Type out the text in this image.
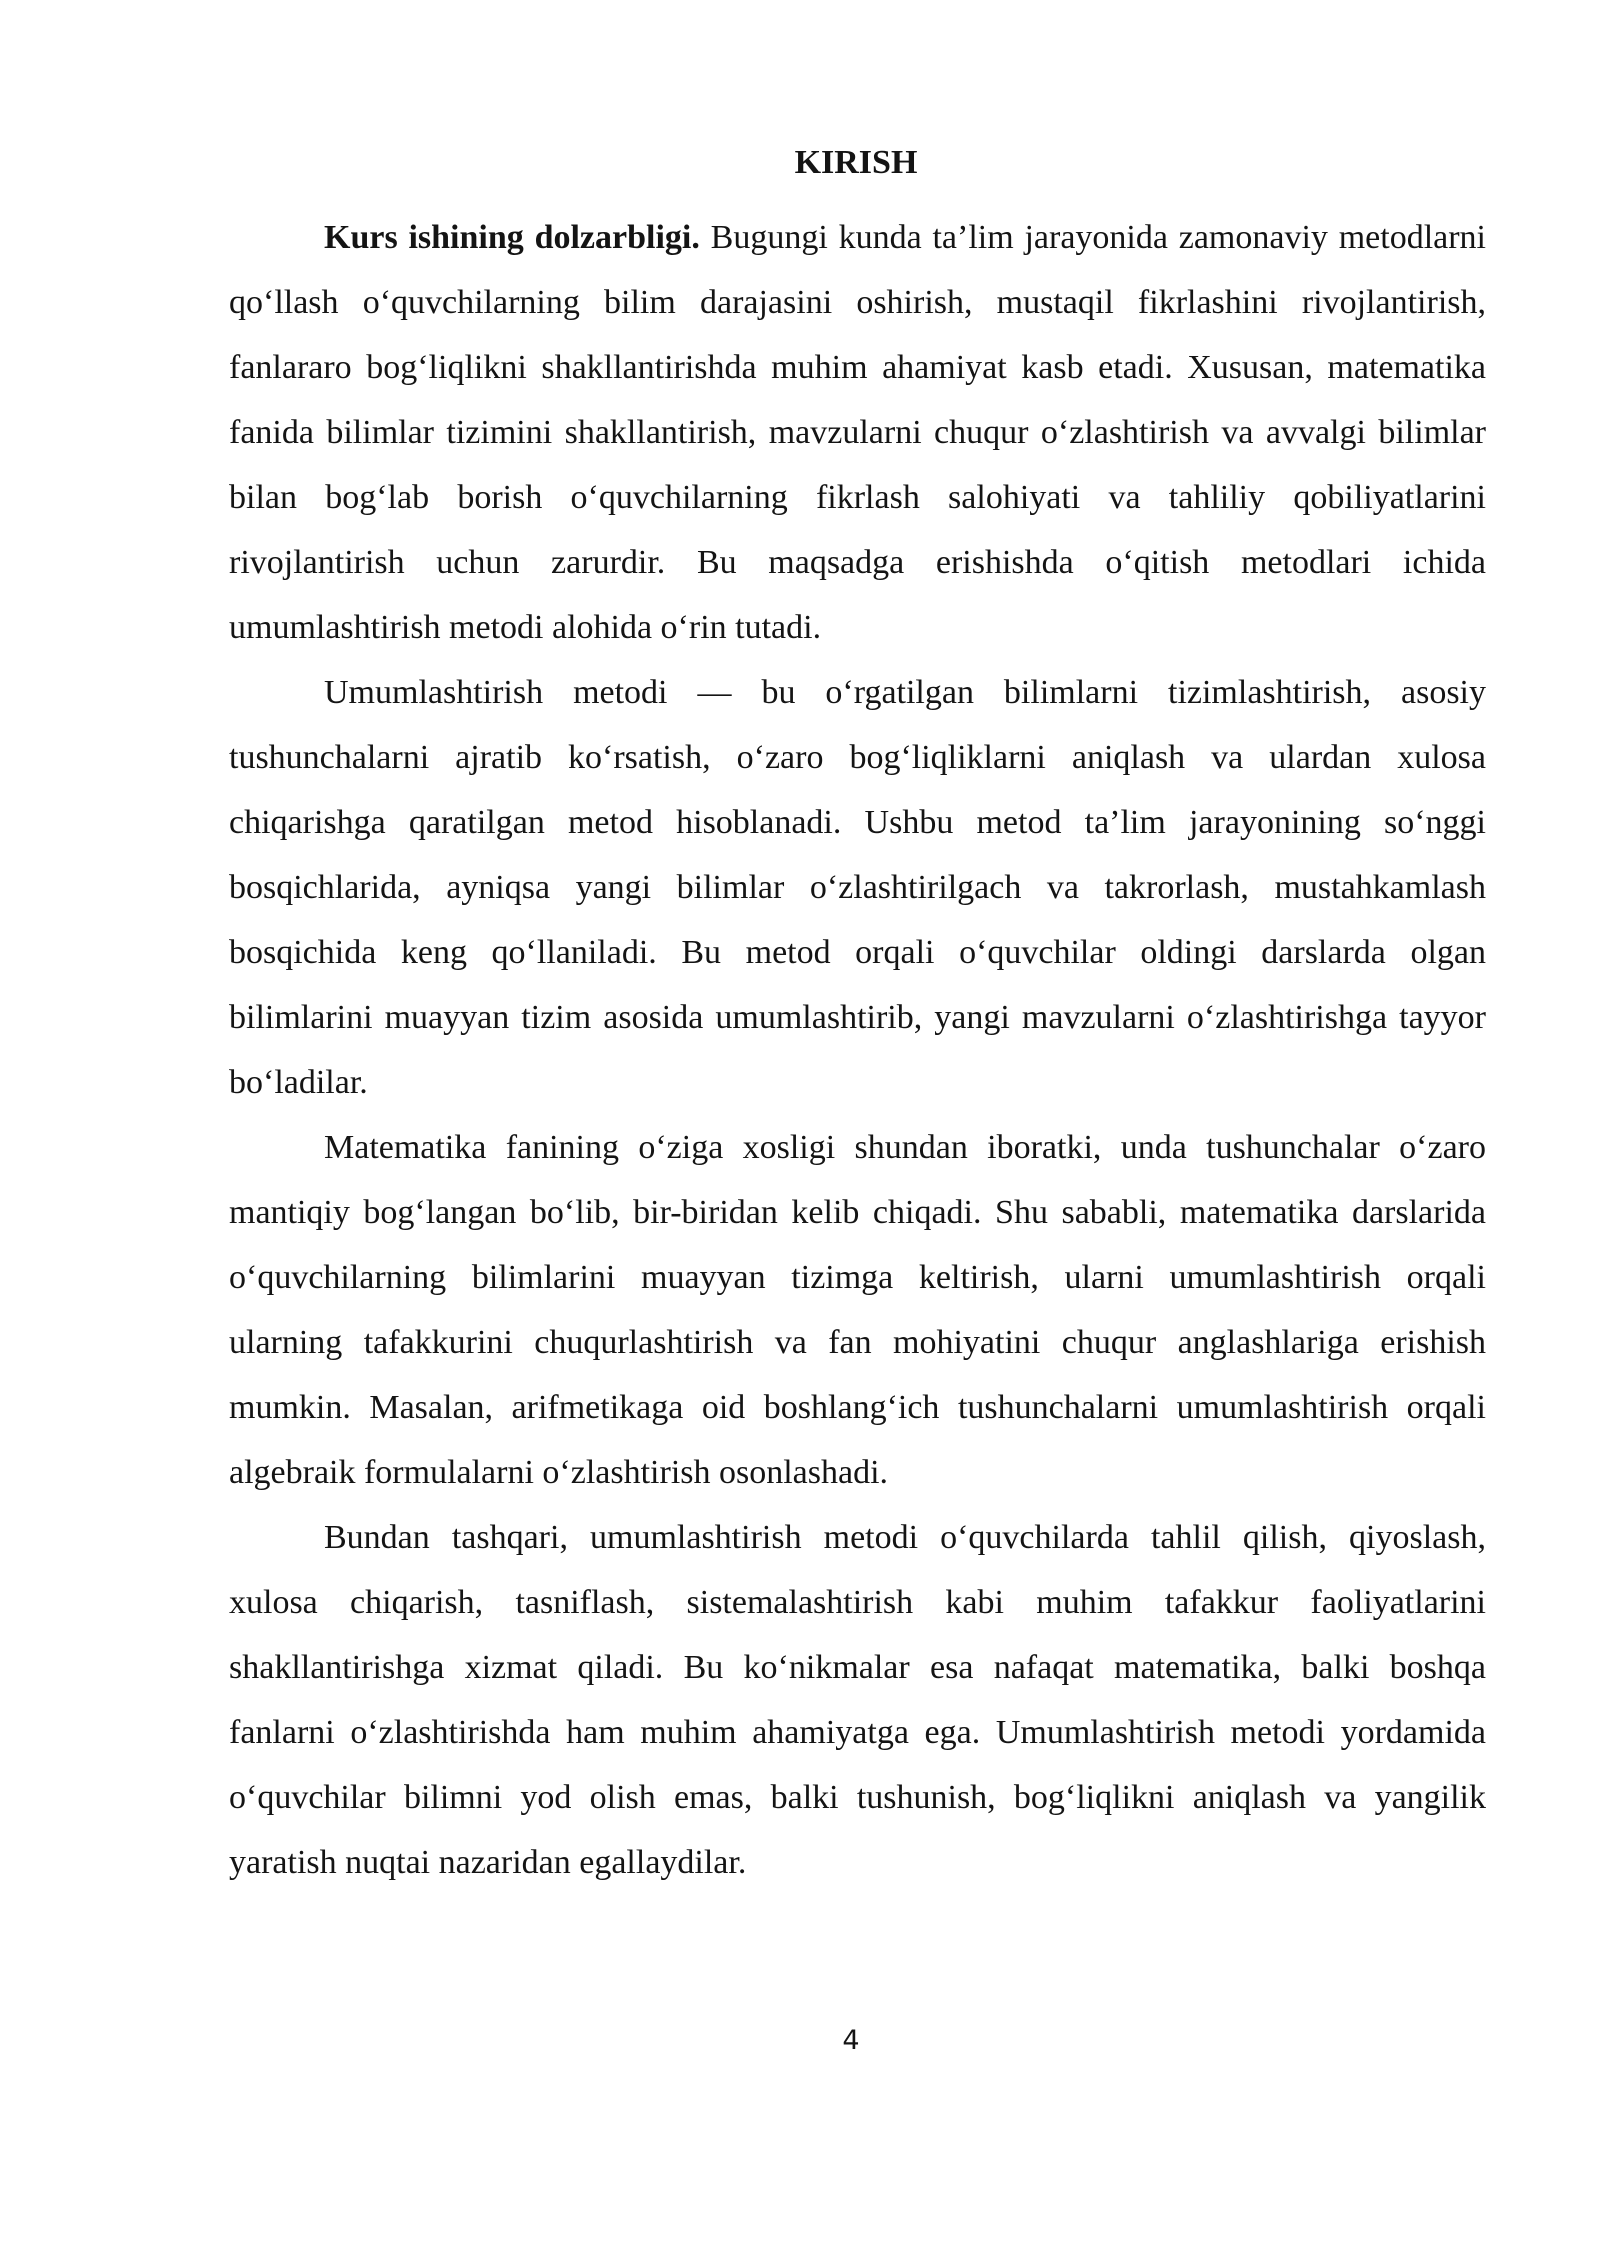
KIRISH

Kurs ishining dolzarbligi. Bugungi kunda ta’lim jarayonida zamonaviy metodlarni qo‘llash o‘quvchilarning bilim darajasini oshirish, mustaqil fikrlashini rivojlantirish, fanlararo bog‘liqlikni shakllantirishda muhim ahamiyat kasb etadi. Xususan, matematika fanida bilimlar tizimini shakllantirish, mavzularni chuqur o‘zlashtirish va avvalgi bilimlar bilan bog‘lab borish o‘quvchilarning fikrlash salohiyati va tahliliy qobiliyatlarini rivojlantirish uchun zarurdir. Bu maqsadga erishishda o‘qitish metodlari ichida umumlashtirish metodi alohida o‘rin tutadi.

Umumlashtirish metodi — bu o‘rgatilgan bilimlarni tizimlashtirish, asosiy tushunchalarni ajratib ko‘rsatish, o‘zaro bog‘liqliklarni aniqlash va ulardan xulosa chiqarishga qaratilgan metod hisoblanadi. Ushbu metod ta’lim jarayonining so‘nggi bosqichlarida, ayniqsa yangi bilimlar o‘zlashtirilgach va takrorlash, mustahkamlash bosqichida keng qo‘llaniladi. Bu metod orqali o‘quvchilar oldingi darslarda olgan bilimlarini muayyan tizim asosida umumlashtirib, yangi mavzularni o‘zlashtirishga tayyor bo‘ladilar.

Matematika fanining o‘ziga xosligi shundan iboratki, unda tushunchalar o‘zaro mantiqiy bog‘langan bo‘lib, bir-biridan kelib chiqadi. Shu sababli, matematika darslarida o‘quvchilarning bilimlarini muayyan tizimga keltirish, ularni umumlashtirish orqali ularning tafakkurini chuqurlashtirish va fan mohiyatini chuqur anglashlariga erishish mumkin. Masalan, arifmetikaga oid boshlang‘ich tushunchalarni umumlashtirish orqali algebraik formulalarni o‘zlashtirish osonlashadi.

Bundan tashqari, umumlashtirish metodi o‘quvchilarda tahlil qilish, qiyoslash, xulosa chiqarish, tasniflash, sistemalashtirish kabi muhim tafakkur faoliyatlarini shakllantirishga xizmat qiladi. Bu ko‘nikmalar esa nafaqat matematika, balki boshqa fanlarni o‘zlashtirishda ham muhim ahamiyatga ega. Umumlashtirish metodi yordamida o‘quvchilar bilimni yod olish emas, balki tushunish, bog‘liqlikni aniqlash va yangilik yaratish nuqtai nazaridan egallaydilar.

4
